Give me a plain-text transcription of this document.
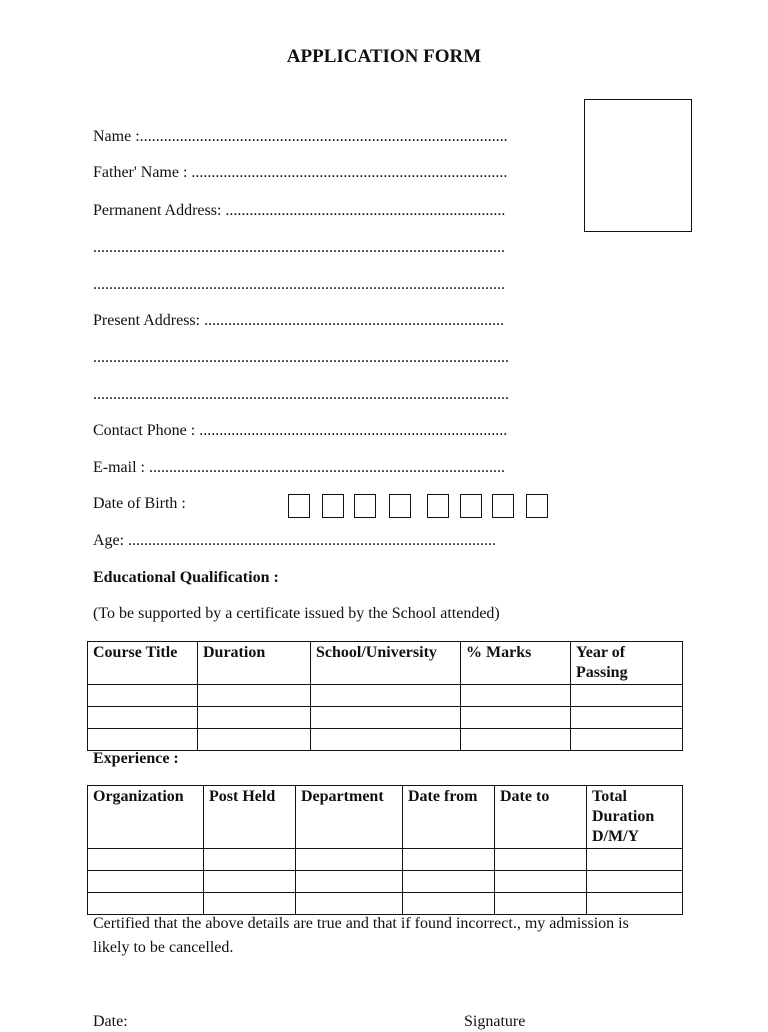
APPLICATION FORM
Name :............................................................................................
Father' Name : ...............................................................................
Permanent Address: ......................................................................
.......................................................................................................
.......................................................................................................
Present Address: ...........................................................................
........................................................................................................
........................................................................................................
Contact Phone : .............................................................................
E-mail : .........................................................................................
Date of Birth :
Age: ............................................................................................
Educational Qualification :
(To be supported by a certificate issued by the School attended)
Course Title	Duration	School/University	% Marks	Year of Passing

Experience :
Organization	Post Held	Department	Date from	Date to	Total Duration D/M/Y

Certified that the above details are true and that if found incorrect., my admission is likely to be cancelled.
Date:	Signature
